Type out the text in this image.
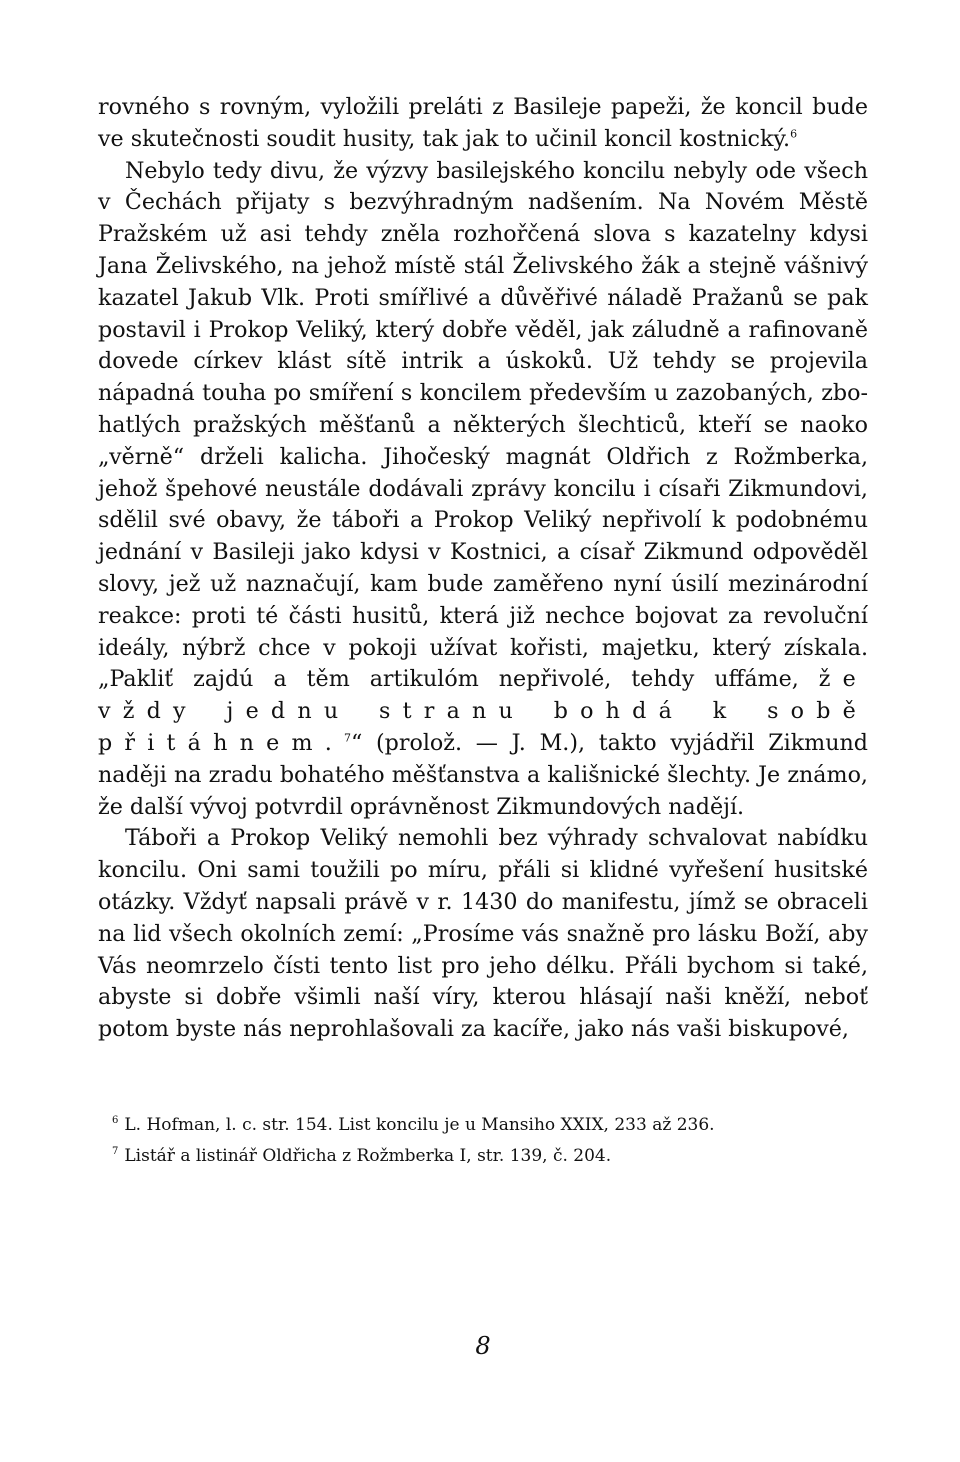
rovného s rovným, vyložili preláti z Basileje papeži, že koncil bude ve skutečnosti soudit husity, tak jak to učinil koncil kostnický.$^6$

Nebylo tedy divu, že výzvy basilejského koncilu nebyly ode všech v Čechách přijaty s bezvýhradným nadšením. Na Novém Městě Pražském už asi tehdy zněla rozhořčená slova s kazatelny kdysi Jana Želivského, na jehož místě stál Želivského žák a stejně vášnivý kazatel Jakub Vlk. Proti smířlivé a důvěřivé náladě Pražanů se pak postavil i Prokop Veliký, který dobře věděl, jak záludně a rafinovaně dovede církev klást sítě intrik a úskoků. Už tehdy se projevila nápadná touha po smíření s koncilem především u zazobaných, zbohatlých pražských měšťanů a některých šlechticů, kteří se naoko „věrně“ drželi kalicha. Jihočeský magnát Oldřich z Rožmberka, jehož špehové neustále dodávali zprávy koncilu i císaři Zikmundovi, sdělil své obavy, že táboři a Prokop Veliký nepřivolí k podobnému jednání v Basileji jako kdysi v Kostnici, a císař Zikmund odpověděl slovy, jež už naznačují, kam bude zaměřeno nyní úsilí mezinárodní reakce: proti té části husitů, která již nechce bojovat za revoluční ideály, nýbrž chce v pokoji užívat kořisti, majetku, který získala. „Pakliť zajdú a těm artikulóm nepřivolé, tehdy uffáme, že vždy jednu stranu bohdá k sobě přitáhnem.$^7$“ (prolož. — J. M.), takto vyjádřil Zikmund naději na zradu bohatého měšťanstva a kališnické šlechty. Je známo, že další vývoj potvrdil oprávněnost Zikmundových nadějí.

Táboři a Prokop Veliký nemohli bez výhrady schvalovat nabídku koncilu. Oni sami toužili po míru, přáli si klidné vyřešení husitské otázky. Vždyť napsali právě v r. 1430 do manifestu, jímž se obraceli na lid všech okolních zemí: „Prosíme vás snažně pro lásku Boží, aby Vás neomrzelo čísti tento list pro jeho délku. Přáli bychom si také, abyste si dobře všimli naší víry, kterou hlásají naši kněží, neboť potom byste nás neprohlašovali za kacíře, jako nás vaši biskupové,

$^6$ L. Hofman, l. c. str. 154. List koncilu je u Mansiho XXIX, 233 až 236.

$^7$ Listář a listinář Oldřicha z Rožmberka I, str. 139, č. 204.

8
